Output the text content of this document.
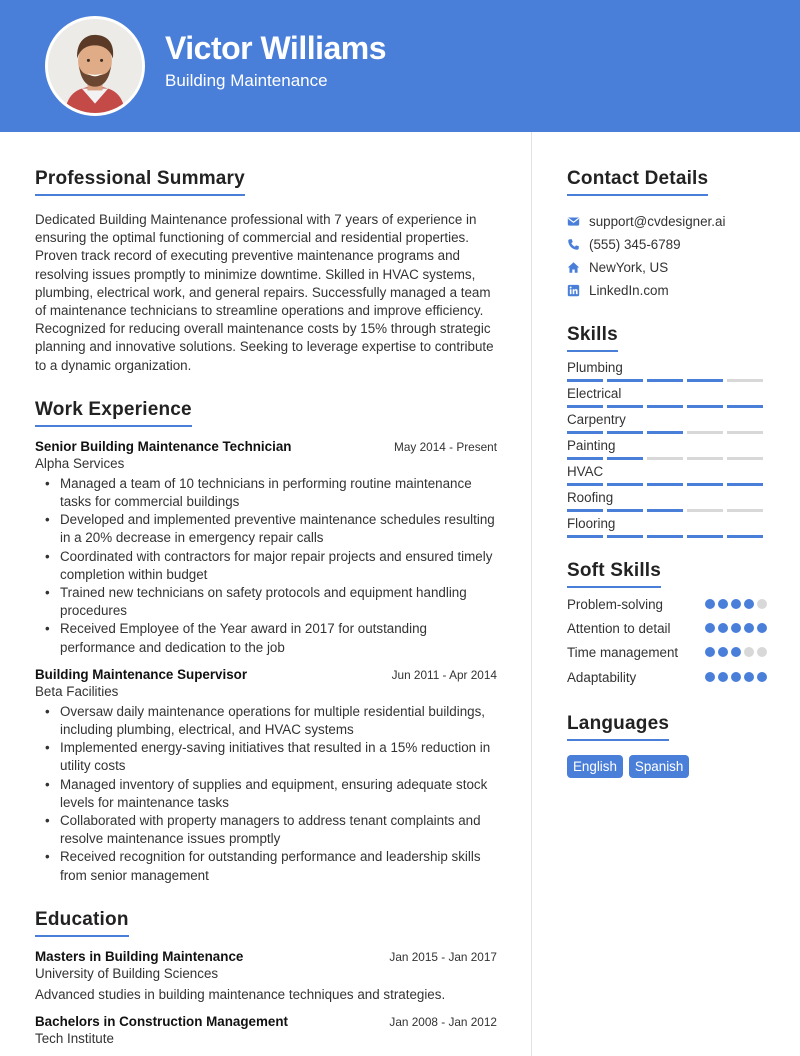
Victor Williams
Building Maintenance
Professional Summary

Dedicated Building Maintenance professional with 7 years of experience in ensuring the optimal functioning of commercial and residential properties. Proven track record of executing preventive maintenance programs and resolving issues promptly to minimize downtime. Skilled in HVAC systems, plumbing, electrical work, and general repairs. Successfully managed a team of maintenance technicians to streamline operations and improve efficiency. Recognized for reducing overall maintenance costs by 15% through strategic planning and innovative solutions. Seeking to leverage expertise to contribute to a dynamic organization.

Work Experience
Senior Building Maintenance Technician	May 2014 - Present
Alpha Services
• Managed a team of 10 technicians in performing routine maintenance tasks for commercial buildings
• Developed and implemented preventive maintenance schedules resulting in a 20% decrease in emergency repair calls
• Coordinated with contractors for major repair projects and ensured timely completion within budget
• Trained new technicians on safety protocols and equipment handling procedures
• Received Employee of the Year award in 2017 for outstanding performance and dedication to the job
Building Maintenance Supervisor	Jun 2011 - Apr 2014
Beta Facilities
• Oversaw daily maintenance operations for multiple residential buildings, including plumbing, electrical, and HVAC systems
• Implemented energy-saving initiatives that resulted in a 15% reduction in utility costs
• Managed inventory of supplies and equipment, ensuring adequate stock levels for maintenance tasks
• Collaborated with property managers to address tenant complaints and resolve maintenance issues promptly
• Received recognition for outstanding performance and leadership skills from senior management
Education
Masters in Building Maintenance	Jan 2015 - Jan 2017
University of Building Sciences
Advanced studies in building maintenance techniques and strategies.
Bachelors in Construction Management	Jan 2008 - Jan 2012
Tech Institute
Contact Details
support@cvdesigner.ai
(555) 345-6789
NewYork, US
LinkedIn.com
Skills
Plumbing
Electrical
Carpentry
Painting
HVAC
Roofing
Flooring
Soft Skills
Problem-solving
Attention to detail
Time management
Adaptability
Languages
English	Spanish
